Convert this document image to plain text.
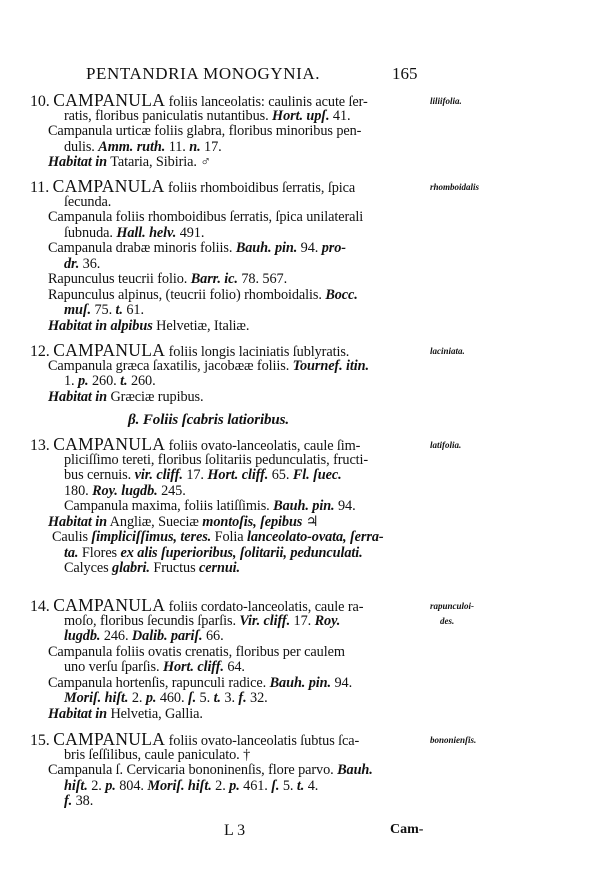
PENTANDRIA MONOGYNIA.	165
liliifolia.
10. CAMPANULA foliis lanceolatis: caulinis acute ſer-
ratis, floribus paniculatis nutantibus. Hort. upſ. 41.
Campanula urticæ foliis glabra, floribus minoribus pen-
dulis. Amm. ruth. 11. n. 17.
Habitat in Tataria, Sibiria. ♂
rhomboidalis
11. CAMPANULA foliis rhomboidibus ſerratis, ſpica
ſecunda.
Campanula foliis rhomboidibus ſerratis, ſpica unilaterali
ſubnuda. Hall. helv. 491.
Campanula drabæ minoris foliis. Bauh. pin. 94. pro-
dr. 36.
Rapunculus teucrii folio. Barr. ic. 78. 567.
Rapunculus alpinus, (teucrii folio) rhomboidalis. Bocc.
muſ. 75. t. 61.
Habitat in alpibus Helvetiæ, Italiæ.
laciniata.
12. CAMPANULA foliis longis laciniatis ſublyratis.
Campanula græca ſaxatilis, jacobææ foliis. Tournef. itin.
1. p. 260. t. 260.
Habitat in Græciæ rupibus.
latifolia.
13. CAMPANULA foliis ovato-lanceolatis, caule ſim-
pliciſſimo tereti, floribus ſolitariis pedunculatis, fructi-
bus cernuis. vir. cliff. 17. Hort. cliff. 65. Fl. ſuec.
180. Roy. lugdb. 245.
Campanula maxima, foliis latiſſimis. Bauh. pin. 94.
Habitat in Angliæ, Sueciæ montoſis, ſepibus ♃
Caulis ſimpliciſſimus, teres. Folia lanceolato-ovata, ſerra-
ta. Flores ex alis ſuperioribus, ſolitarii, pedunculati.
Calyces glabri. Fructus cernui.
β. Foliis ſcabris latioribus.
rapunculoi-
des.
14. CAMPANULA foliis cordato-lanceolatis, caule ra-
moſo, floribus ſecundis ſparſis. Vir. cliff. 17. Roy.
lugdb. 246. Dalib. pariſ. 66.
Campanula foliis ovatis crenatis, floribus per caulem
uno verſu ſparſis. Hort. cliff. 64.
Campanula hortenſis, rapunculi radice. Bauh. pin. 94.
Moriſ. hiſt. 2. p. 460. ſ. 5. t. 3. f. 32.
Habitat in Helvetia, Gallia.
bononienſis.
15. CAMPANULA foliis ovato-lanceolatis ſubtus ſca-
bris ſeſſilibus, caule paniculato. †
Campanula ſ. Cervicaria bononinenſis, flore parvo. Bauh.
hiſt. 2. p. 804. Moriſ. hiſt. 2. p. 461. ſ. 5. t. 4.
f. 38.
L 3	Cam-
